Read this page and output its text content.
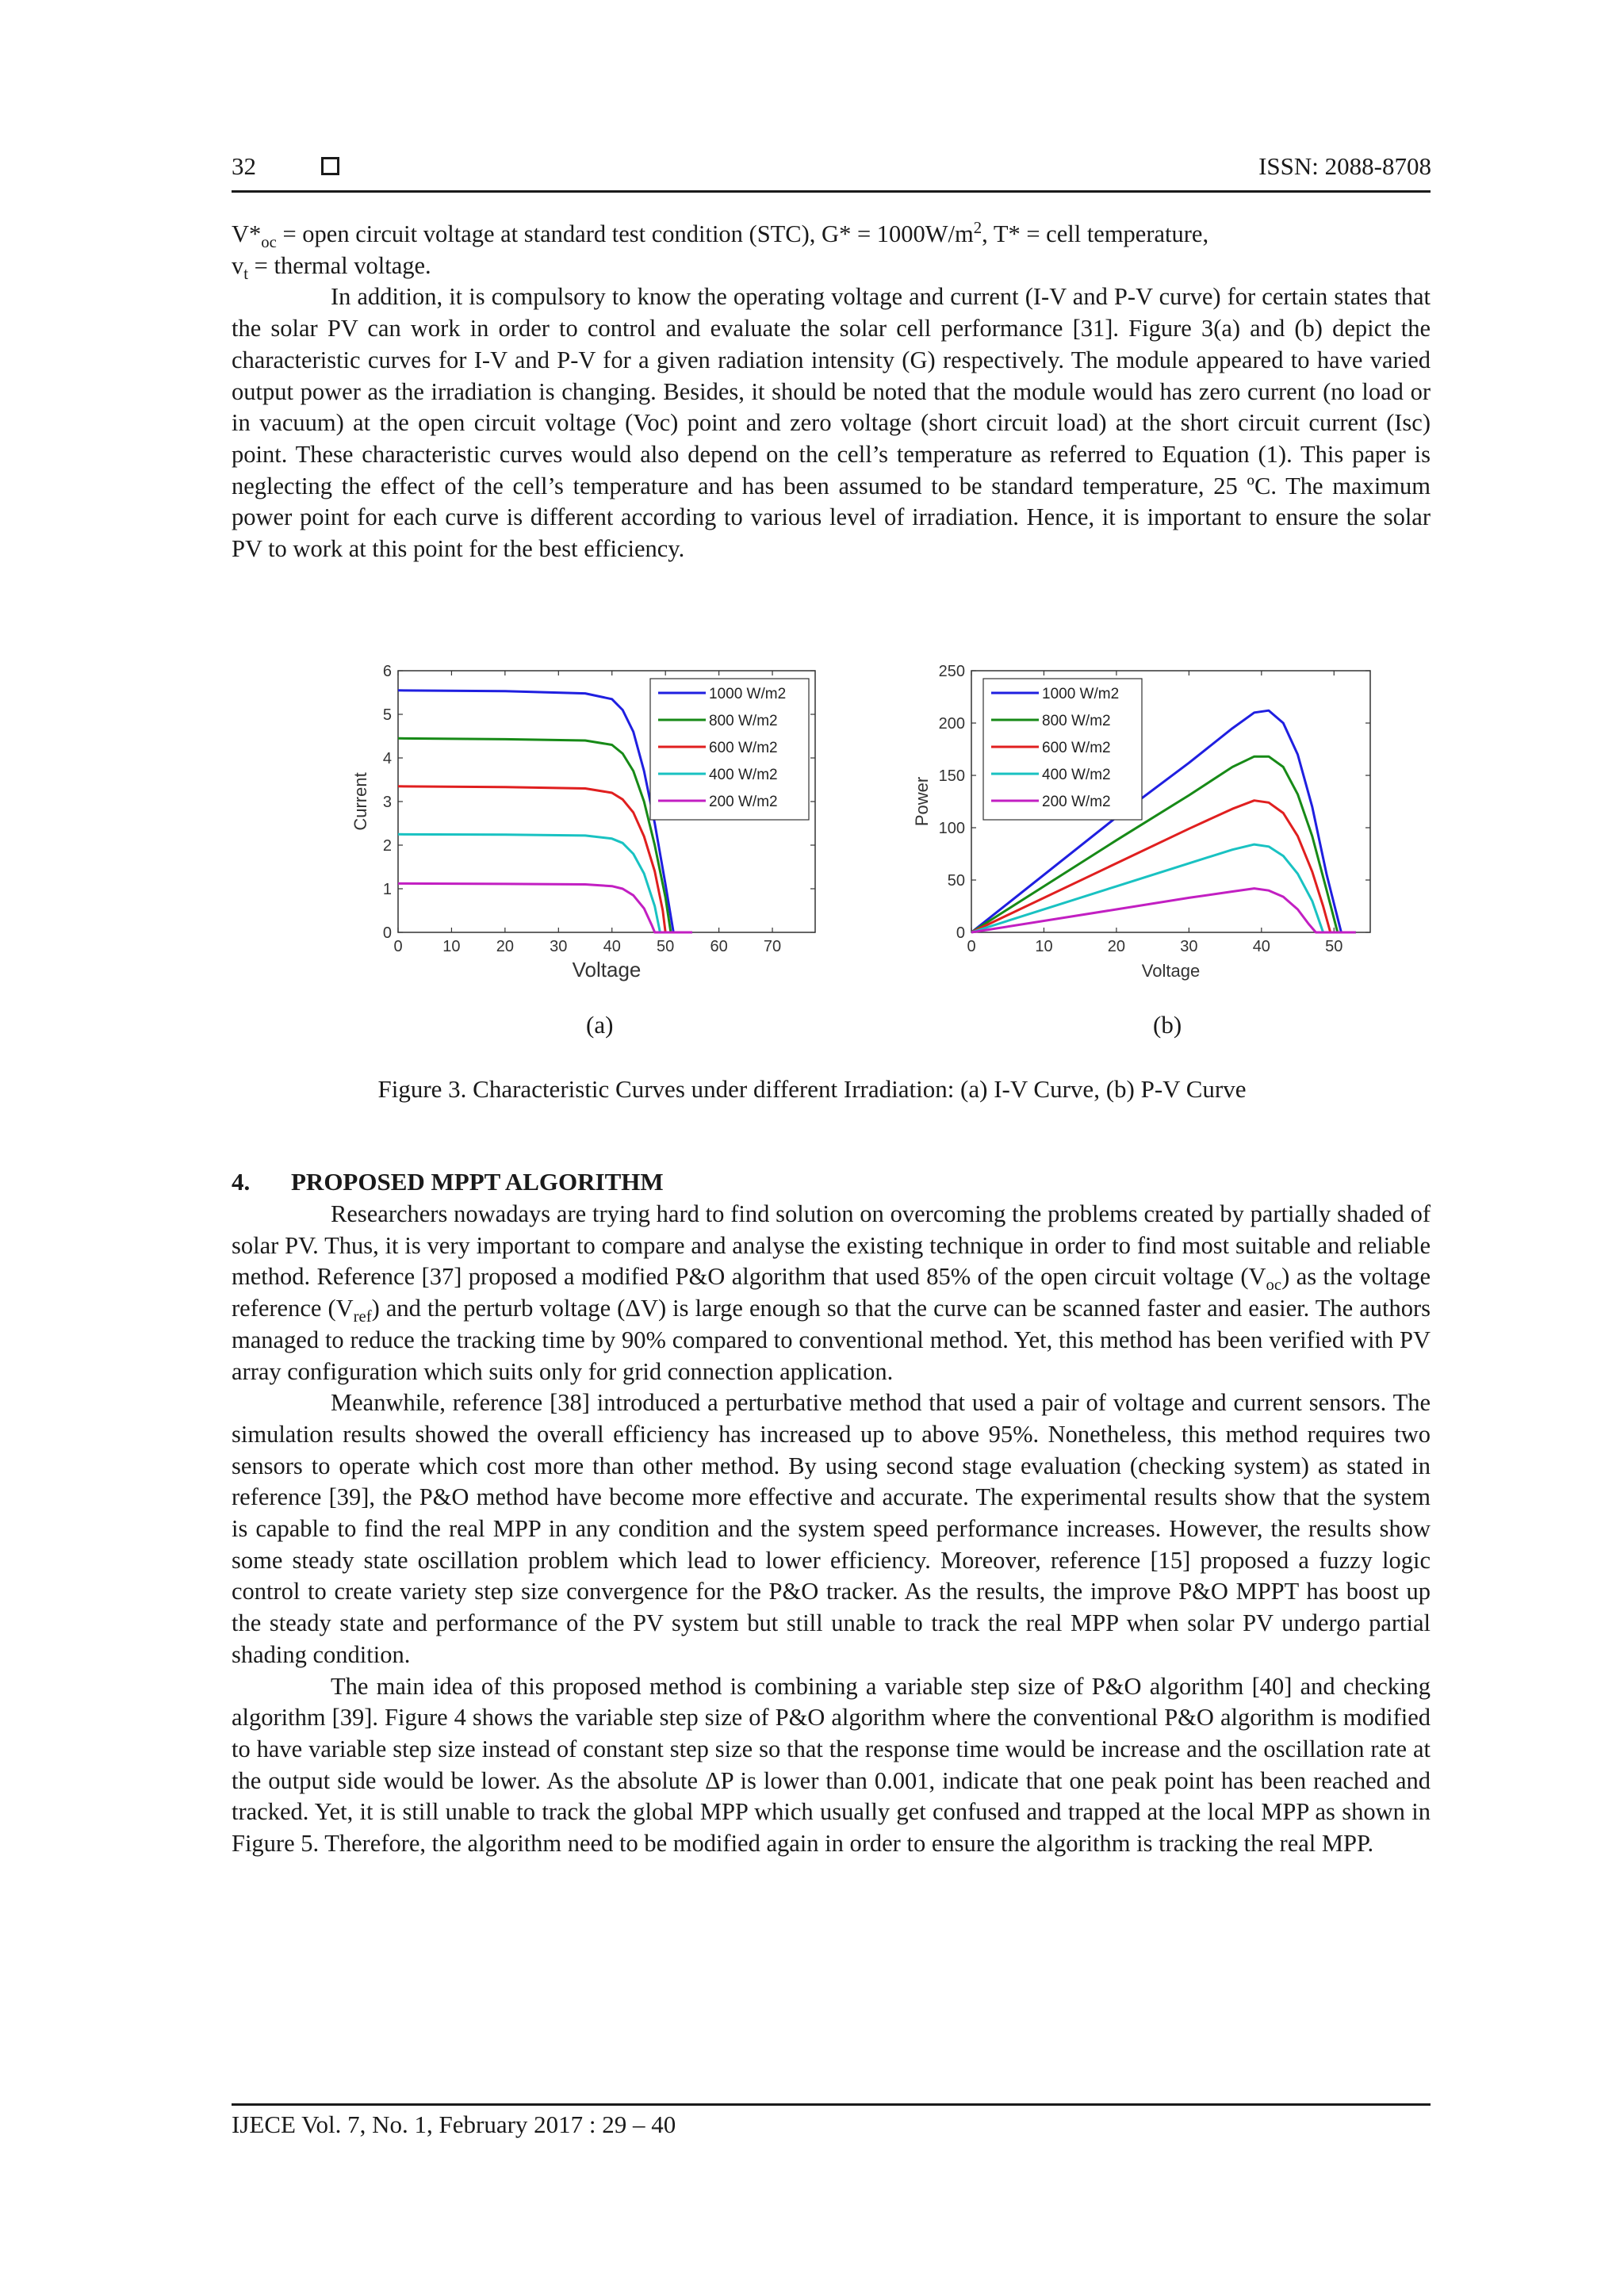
32	ISSN: 2088-8708

$V*_{oc}$ = open circuit voltage at standard test condition (STC), $G* = 1000W/m^2$, T* = cell temperature,

$v_t$ = thermal voltage.

In addition, it is compulsory to know the operating voltage and current (I-V and P-V curve) for certain states that the solar PV can work in order to control and evaluate the solar cell performance [31]. Figure 3(a) and (b) depict the characteristic curves for I-V and P-V for a given radiation intensity (G) respectively. The module appeared to have varied output power as the irradiation is changing. Besides, it should be noted that the module would has zero current (no load or in vacuum) at the open circuit voltage (Voc) point and zero voltage (short circuit load) at the short circuit current (Isc) point. These characteristic curves would also depend on the cell’s temperature as referred to Equation (1). This paper is neglecting the effect of the cell’s temperature and has been assumed to be standard temperature, 25 ºC. The maximum power point for each curve is different according to various level of irradiation. Hence, it is important to ensure the solar PV to work at this point for the best efficiency.

0	10 20 30 40 50 60 70
0
1
2
3
4
5
6
Voltage
Current
1000 W/m2
800 W/m2
600 W/m2
400 W/m2
200 W/m2
0	10	20	30	40	50
0
50
100
150
200
250
Voltage
Power
1000 W/m2
800 W/m2
600 W/m2
400 W/m2
200 W/m2
(a)	(b)
Figure 3. Characteristic Curves under different Irradiation: (a) I-V Curve, (b) P-V Curve
4. PROPOSED MPPT ALGORITHM

Researchers nowadays are trying hard to find solution on overcoming the problems created by partially shaded of solar PV. Thus, it is very important to compare and analyse the existing technique in order to find most suitable and reliable method. Reference [37] proposed a modified P&O algorithm that used 85% of the open circuit voltage $(V_{oc})$ as the voltage reference $(V_{ref})$ and the perturb voltage (ΔV) is large enough so that the curve can be scanned faster and easier. The authors managed to reduce the tracking time by 90% compared to conventional method. Yet, this method has been verified with PV array configuration which suits only for grid connection application.

Meanwhile, reference [38] introduced a perturbative method that used a pair of voltage and current sensors. The simulation results showed the overall efficiency has increased up to above 95%. Nonetheless, this method requires two sensors to operate which cost more than other method. By using second stage evaluation (checking system) as stated in reference [39], the P&O method have become more effective and accurate. The experimental results show that the system is capable to find the real MPP in any condition and the system speed performance increases. However, the results show some steady state oscillation problem which lead to lower efficiency. Moreover, reference [15] proposed a fuzzy logic control to create variety step size convergence for the P&O tracker. As the results, the improve P&O MPPT has boost up the steady state and performance of the PV system but still unable to track the real MPP when solar PV undergo partial shading condition.

The main idea of this proposed method is combining a variable step size of P&O algorithm [40] and checking algorithm [39]. Figure 4 shows the variable step size of P&O algorithm where the conventional P&O algorithm is modified to have variable step size instead of constant step size so that the response time would be increase and the oscillation rate at the output side would be lower. As the absolute ΔP is lower than 0.001, indicate that one peak point has been reached and tracked. Yet, it is still unable to track the global MPP which usually get confused and trapped at the local MPP as shown in Figure 5. Therefore, the algorithm need to be modified again in order to ensure the algorithm is tracking the real MPP.

IJECE Vol. 7, No. 1, February 2017 : 29 – 40
